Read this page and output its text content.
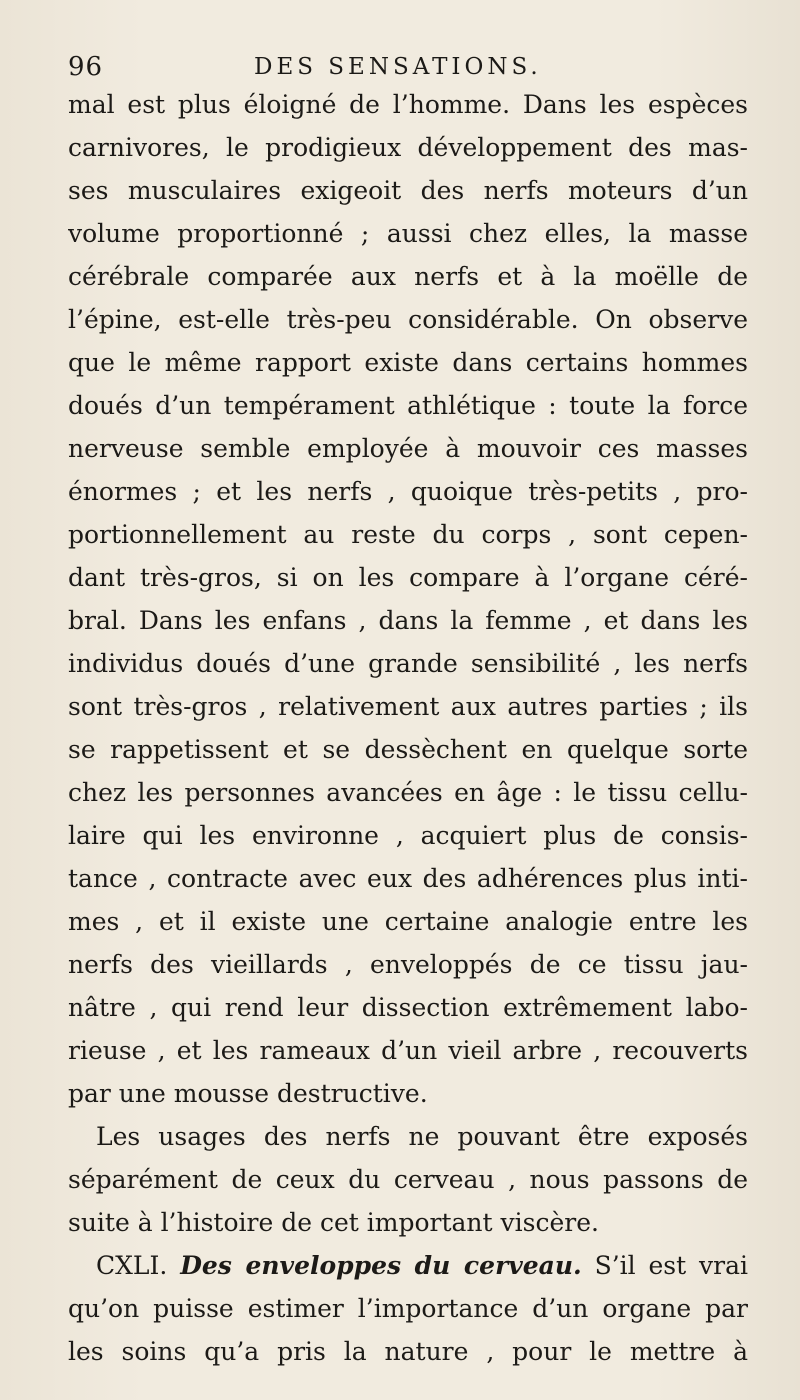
96	DES SENSATIONS.
mal est plus éloigné de l’homme. Dans les espèces
carnivores, le prodigieux développement des mas-
ses musculaires exigeoit des nerfs moteurs d’un
volume proportionné ; aussi chez elles, la masse
cérébrale comparée aux nerfs et à la moëlle de
l’épine, est-elle très-peu considérable. On observe
que le même rapport existe dans certains hommes
doués d’un tempérament athlétique : toute la force
nerveuse semble employée à mouvoir ces masses
énormes ; et les nerfs , quoique très-petits , pro-
portionnellement au reste du corps , sont cepen-
dant très-gros, si on les compare à l’organe céré-
bral. Dans les enfans , dans la femme , et dans les
individus doués d’une grande sensibilité , les nerfs
sont très-gros , relativement aux autres parties ; ils
se rappetissent et se dessèchent en quelque sorte
chez les personnes avancées en âge : le tissu cellu-
laire qui les environne , acquiert plus de consis-
tance , contracte avec eux des adhérences plus inti-
mes , et il existe une certaine analogie entre les
nerfs des vieillards , enveloppés de ce tissu jau-
nâtre , qui rend leur dissection extrêmement labo-
rieuse , et les rameaux d’un vieil arbre , recouverts
par une mousse destructive.
Les usages des nerfs ne pouvant être exposés
séparément de ceux du cerveau , nous passons de
suite à l’histoire de cet important viscère.
CXLI. Des enveloppes du cerveau. S’il est vrai
qu’on puisse estimer l’importance d’un organe par
les soins qu’a pris la nature , pour le mettre à
